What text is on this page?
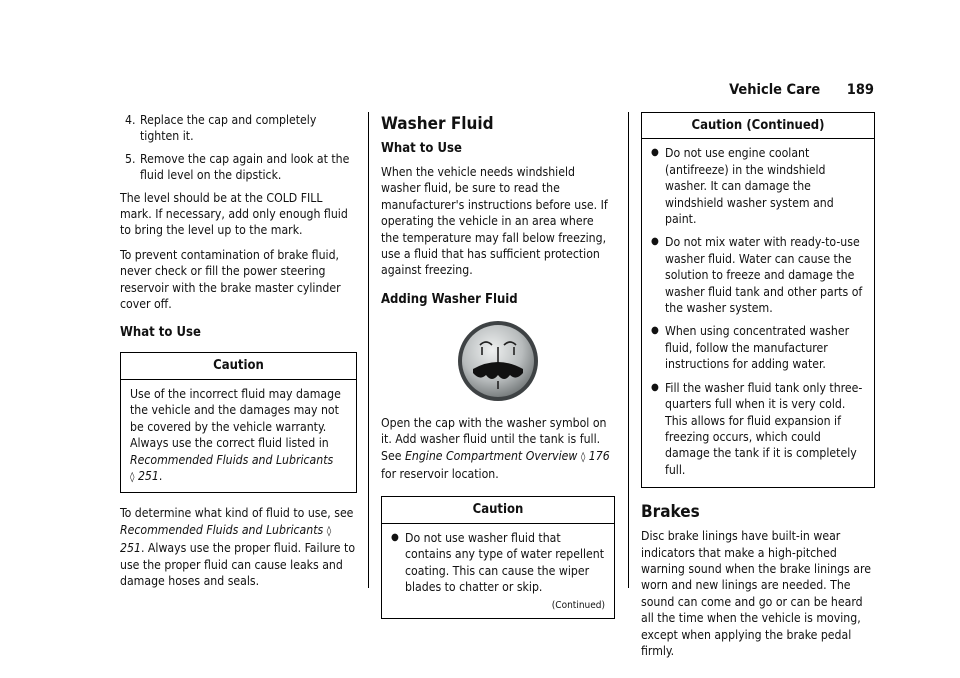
Vehicle Care 189
4. Replace the cap and completely tighten it.
5. Remove the cap again and look at the fluid level on the dipstick.

The level should be at the COLD FILL mark. If necessary, add only enough fluid to bring the level up to the mark.

To prevent contamination of brake fluid, never check or fill the power steering reservoir with the brake master cylinder cover off.

What to Use
Caution
Use of the incorrect fluid may damage the vehicle and the damages may not be covered by the vehicle warranty. Always use the correct fluid listed in Recommended Fluids and Lubricants
◊ 251.

To determine what kind of fluid to use, see Recommended Fluids and Lubricants ◊ 251. Always use the proper fluid. Failure to use the proper fluid can cause leaks and damage hoses and seals.

Washer Fluid
What to Use

When the vehicle needs windshield washer fluid, be sure to read the manufacturer's instructions before use. If operating the vehicle in an area where the temperature may fall below freezing, use a fluid that has sufficient protection against freezing.

Adding Washer Fluid

Open the cap with the washer symbol on it. Add washer fluid until the tank is full. See Engine Compartment Overview ◊ 176 for reservoir location.

Caution
● Do not use washer fluid that contains any type of water repellent coating. This can cause the wiper blades to chatter or skip.
(Continued)
Caution (Continued)
● Do not use engine coolant (antifreeze) in the windshield washer. It can damage the windshield washer system and paint.
● Do not mix water with ready-to-use washer fluid. Water can cause the solution to freeze and damage the washer fluid tank and other parts of the washer system.
● When using concentrated washer fluid, follow the manufacturer instructions for adding water.
● Fill the washer fluid tank only three-quarters full when it is very cold. This allows for fluid expansion if freezing occurs, which could damage the tank if it is completely full.
Brakes

Disc brake linings have built-in wear indicators that make a high-pitched warning sound when the brake linings are worn and new linings are needed. The sound can come and go or can be heard all the time when the vehicle is moving, except when applying the brake pedal firmly.
